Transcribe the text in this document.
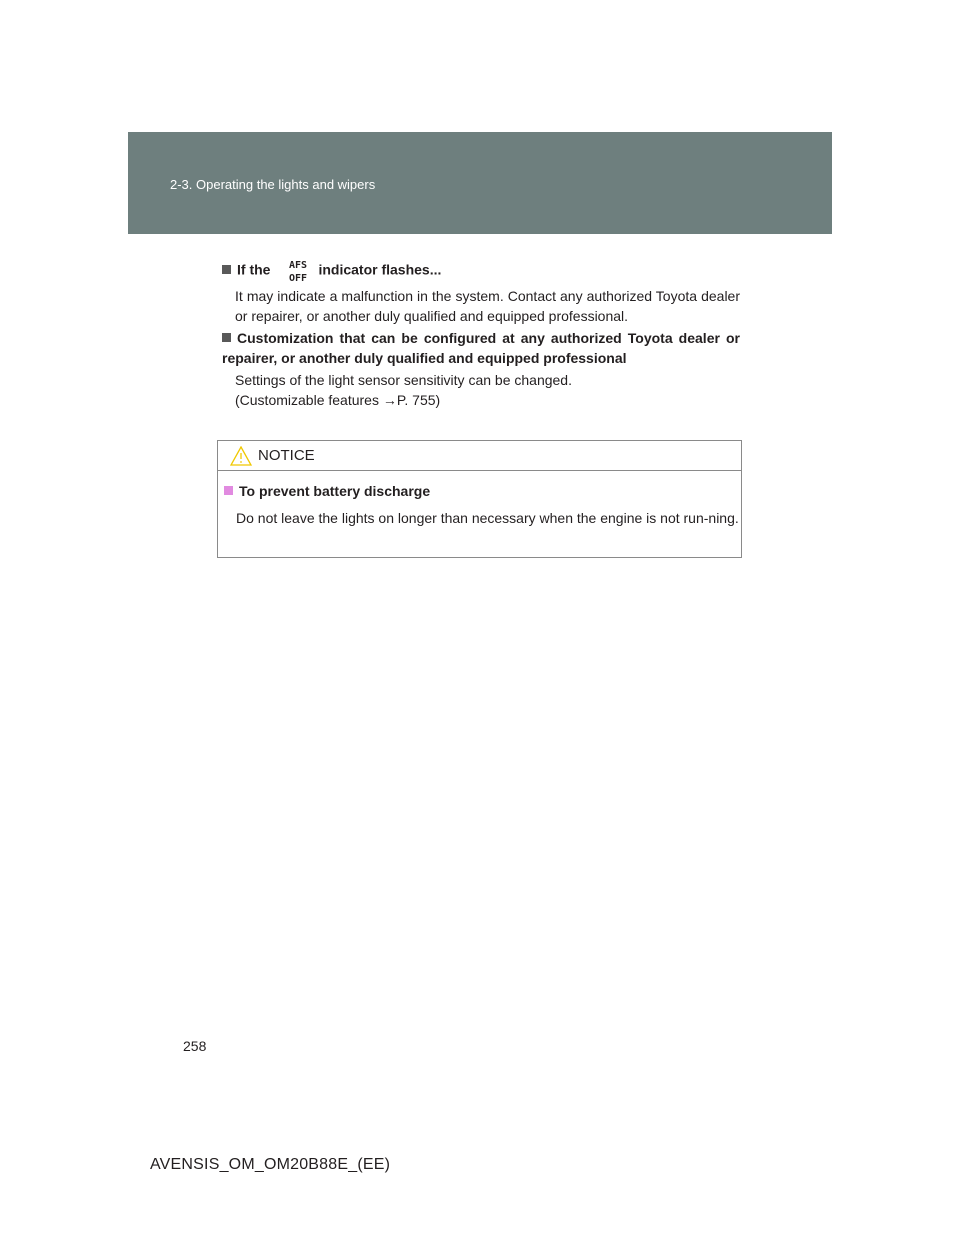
2-3. Operating the lights and wipers
If the AFS
OFF
indicator flashes...
It may indicate a malfunction in the system. Contact any authorized Toyota dealer or repairer, or another duly qualified and equipped professional.
Customization that can be configured at any authorized Toyota dealer or repairer, or another duly qualified and equipped professional
Settings of the light sensor sensitivity can be changed.
(Customizable features →P. 755)
NOTICE
To prevent battery discharge
Do not leave the lights on longer than necessary when the engine is not run-ning.
258
AVENSIS_OM_OM20B88E_(EE)
